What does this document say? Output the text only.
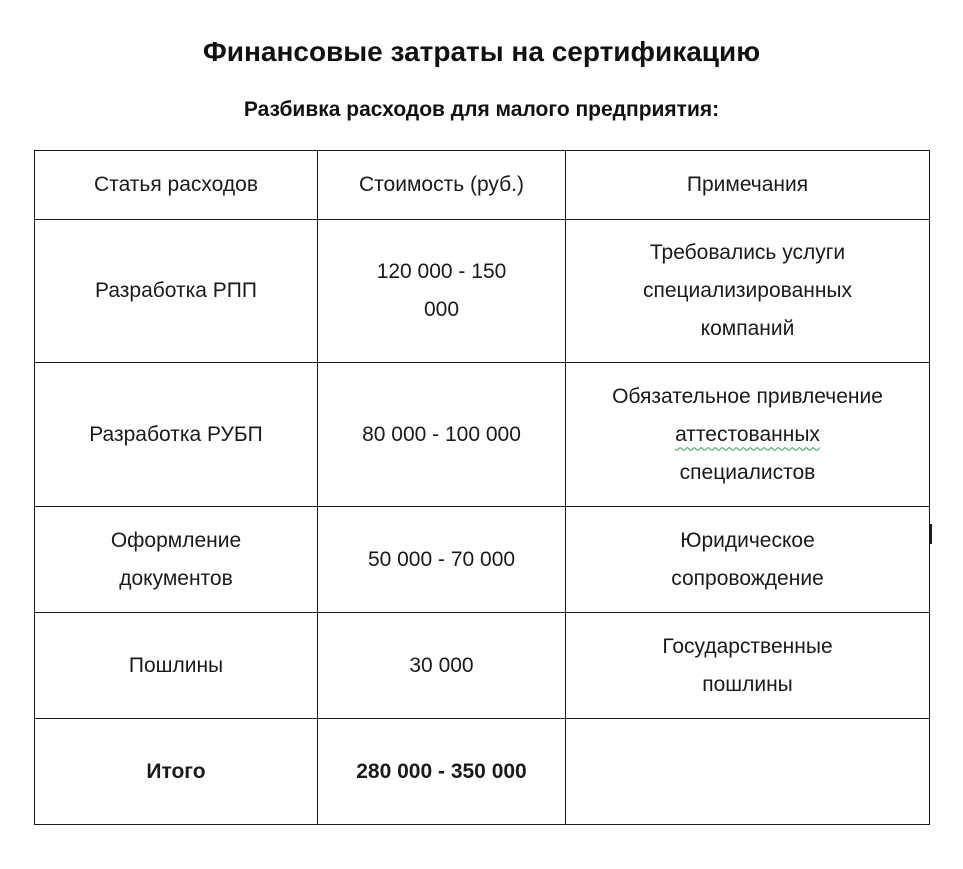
Финансовые затраты на сертификацию
Разбивка расходов для малого предприятия:
Статья расходов	Стоимость (руб.)	Примечания
Разработка РПП	120 000 - 150 000	Требовались услуги специализированных компаний

Разработка РУБП	80 000 - 100 000	Обязательное привлечение
аттестованных
специалистов

Оформление документов	50 000 - 70 000	Юридическое сопровождение

Пошлины	30 000	Государственные пошлины

Итого	280 000 - 350 000	
